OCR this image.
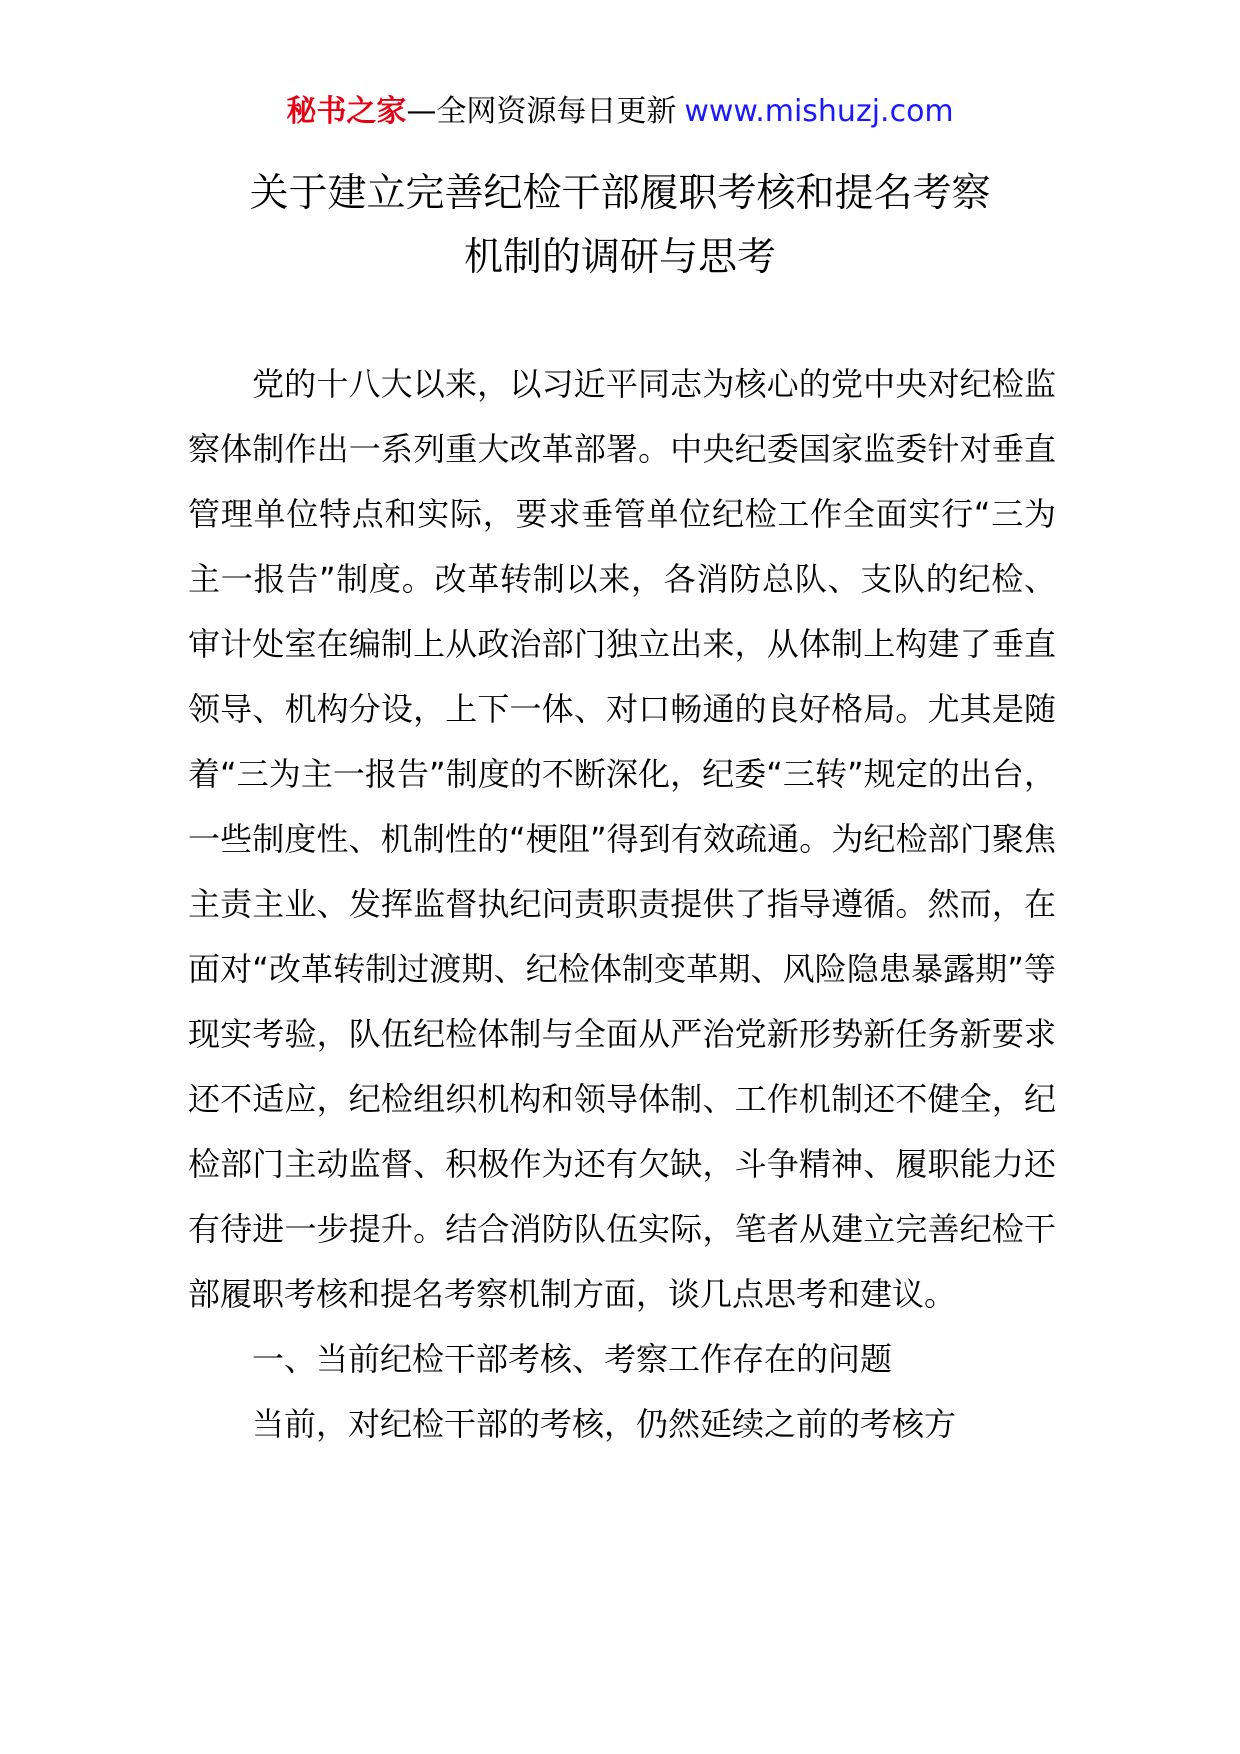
秘书之家—全网资源每日更新 www.mishuzj.com
关于建立完善纪检干部履职考核和提名考察
机制的调研与思考

党的十八大以来，以习近平同志为核心的党中央对纪检监察体制作出一系列重大改革部署。中央纪委国家监委针对垂直管理单位特点和实际，要求垂管单位纪检工作全面实行“三为主一报告”制度。改革转制以来，各消防总队、支队的纪检、审计处室在编制上从政治部门独立出来，从体制上构建了垂直领导、机构分设，上下一体、对口畅通的良好格局。尤其是随着“三为主一报告”制度的不断深化，纪委“三转”规定的出台，一些制度性、机制性的“梗阻”得到有效疏通。为纪检部门聚焦主责主业、发挥监督执纪问责职责提供了指导遵循。然而，在面对“改革转制过渡期、纪检体制变革期、风险隐患暴露期”等现实考验，队伍纪检体制与全面从严治党新形势新任务新要求还不适应，纪检组织机构和领导体制、工作机制还不健全，纪检部门主动监督、积极作为还有欠缺，斗争精神、履职能力还有待进一步提升。结合消防队伍实际，笔者从建立完善纪检干部履职考核和提名考察机制方面，谈几点思考和建议。

一、当前纪检干部考核、考察工作存在的问题

当前，对纪检干部的考核，仍然延续之前的考核方
